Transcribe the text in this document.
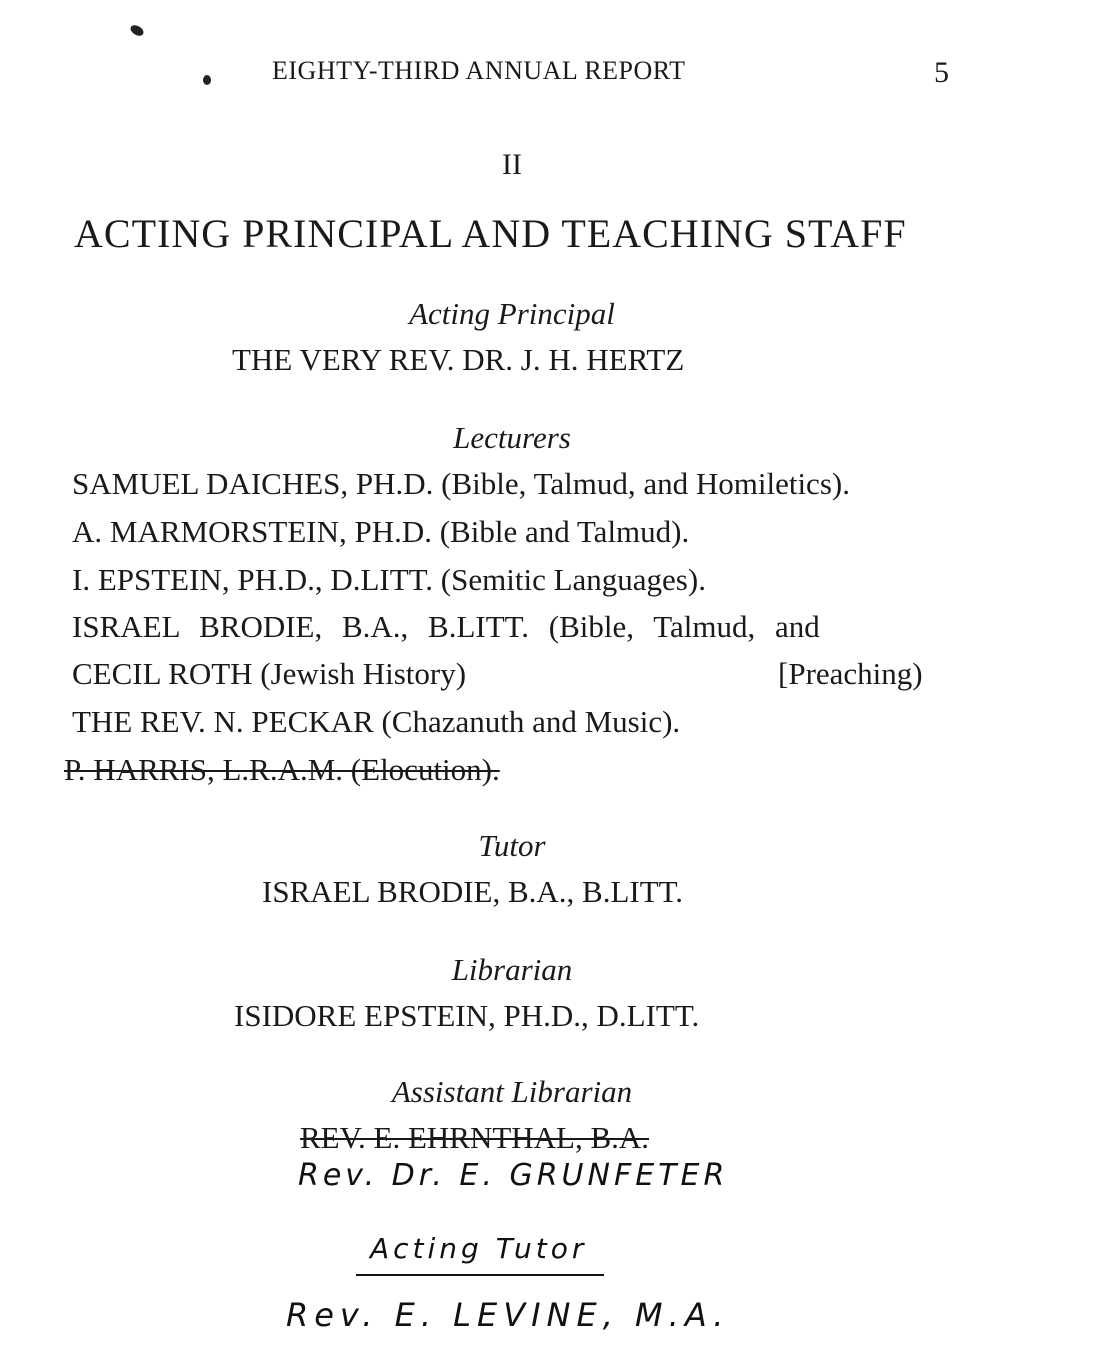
EIGHTY-THIRD ANNUAL REPORT	5
II
ACTING PRINCIPAL AND TEACHING STAFF
Acting Principal
THE VERY REV. DR. J. H. HERTZ
Lecturers
SAMUEL DAICHES, PH.D. (Bible, Talmud, and Homiletics).
A. MARMORSTEIN, PH.D. (Bible and Talmud).
I. EPSTEIN, PH.D., D.LITT. (Semitic Languages).
ISRAEL BRODIE, B.A., B.LITT. (Bible, Talmud, and
CECIL ROTH (Jewish History)	[Preaching)
THE REV. N. PECKAR (Chazanuth and Music).
P. HARRIS, L.R.A.M. (Elocution).
Tutor
ISRAEL BRODIE, B.A., B.LITT.
Librarian
ISIDORE EPSTEIN, PH.D., D.LITT.
Assistant Librarian
REV. E. EHRNTHAL, B.A.
Rev. Dr. E. GRUNFETER
Acting Tutor
Rev. E. LEVINE, M.A.
